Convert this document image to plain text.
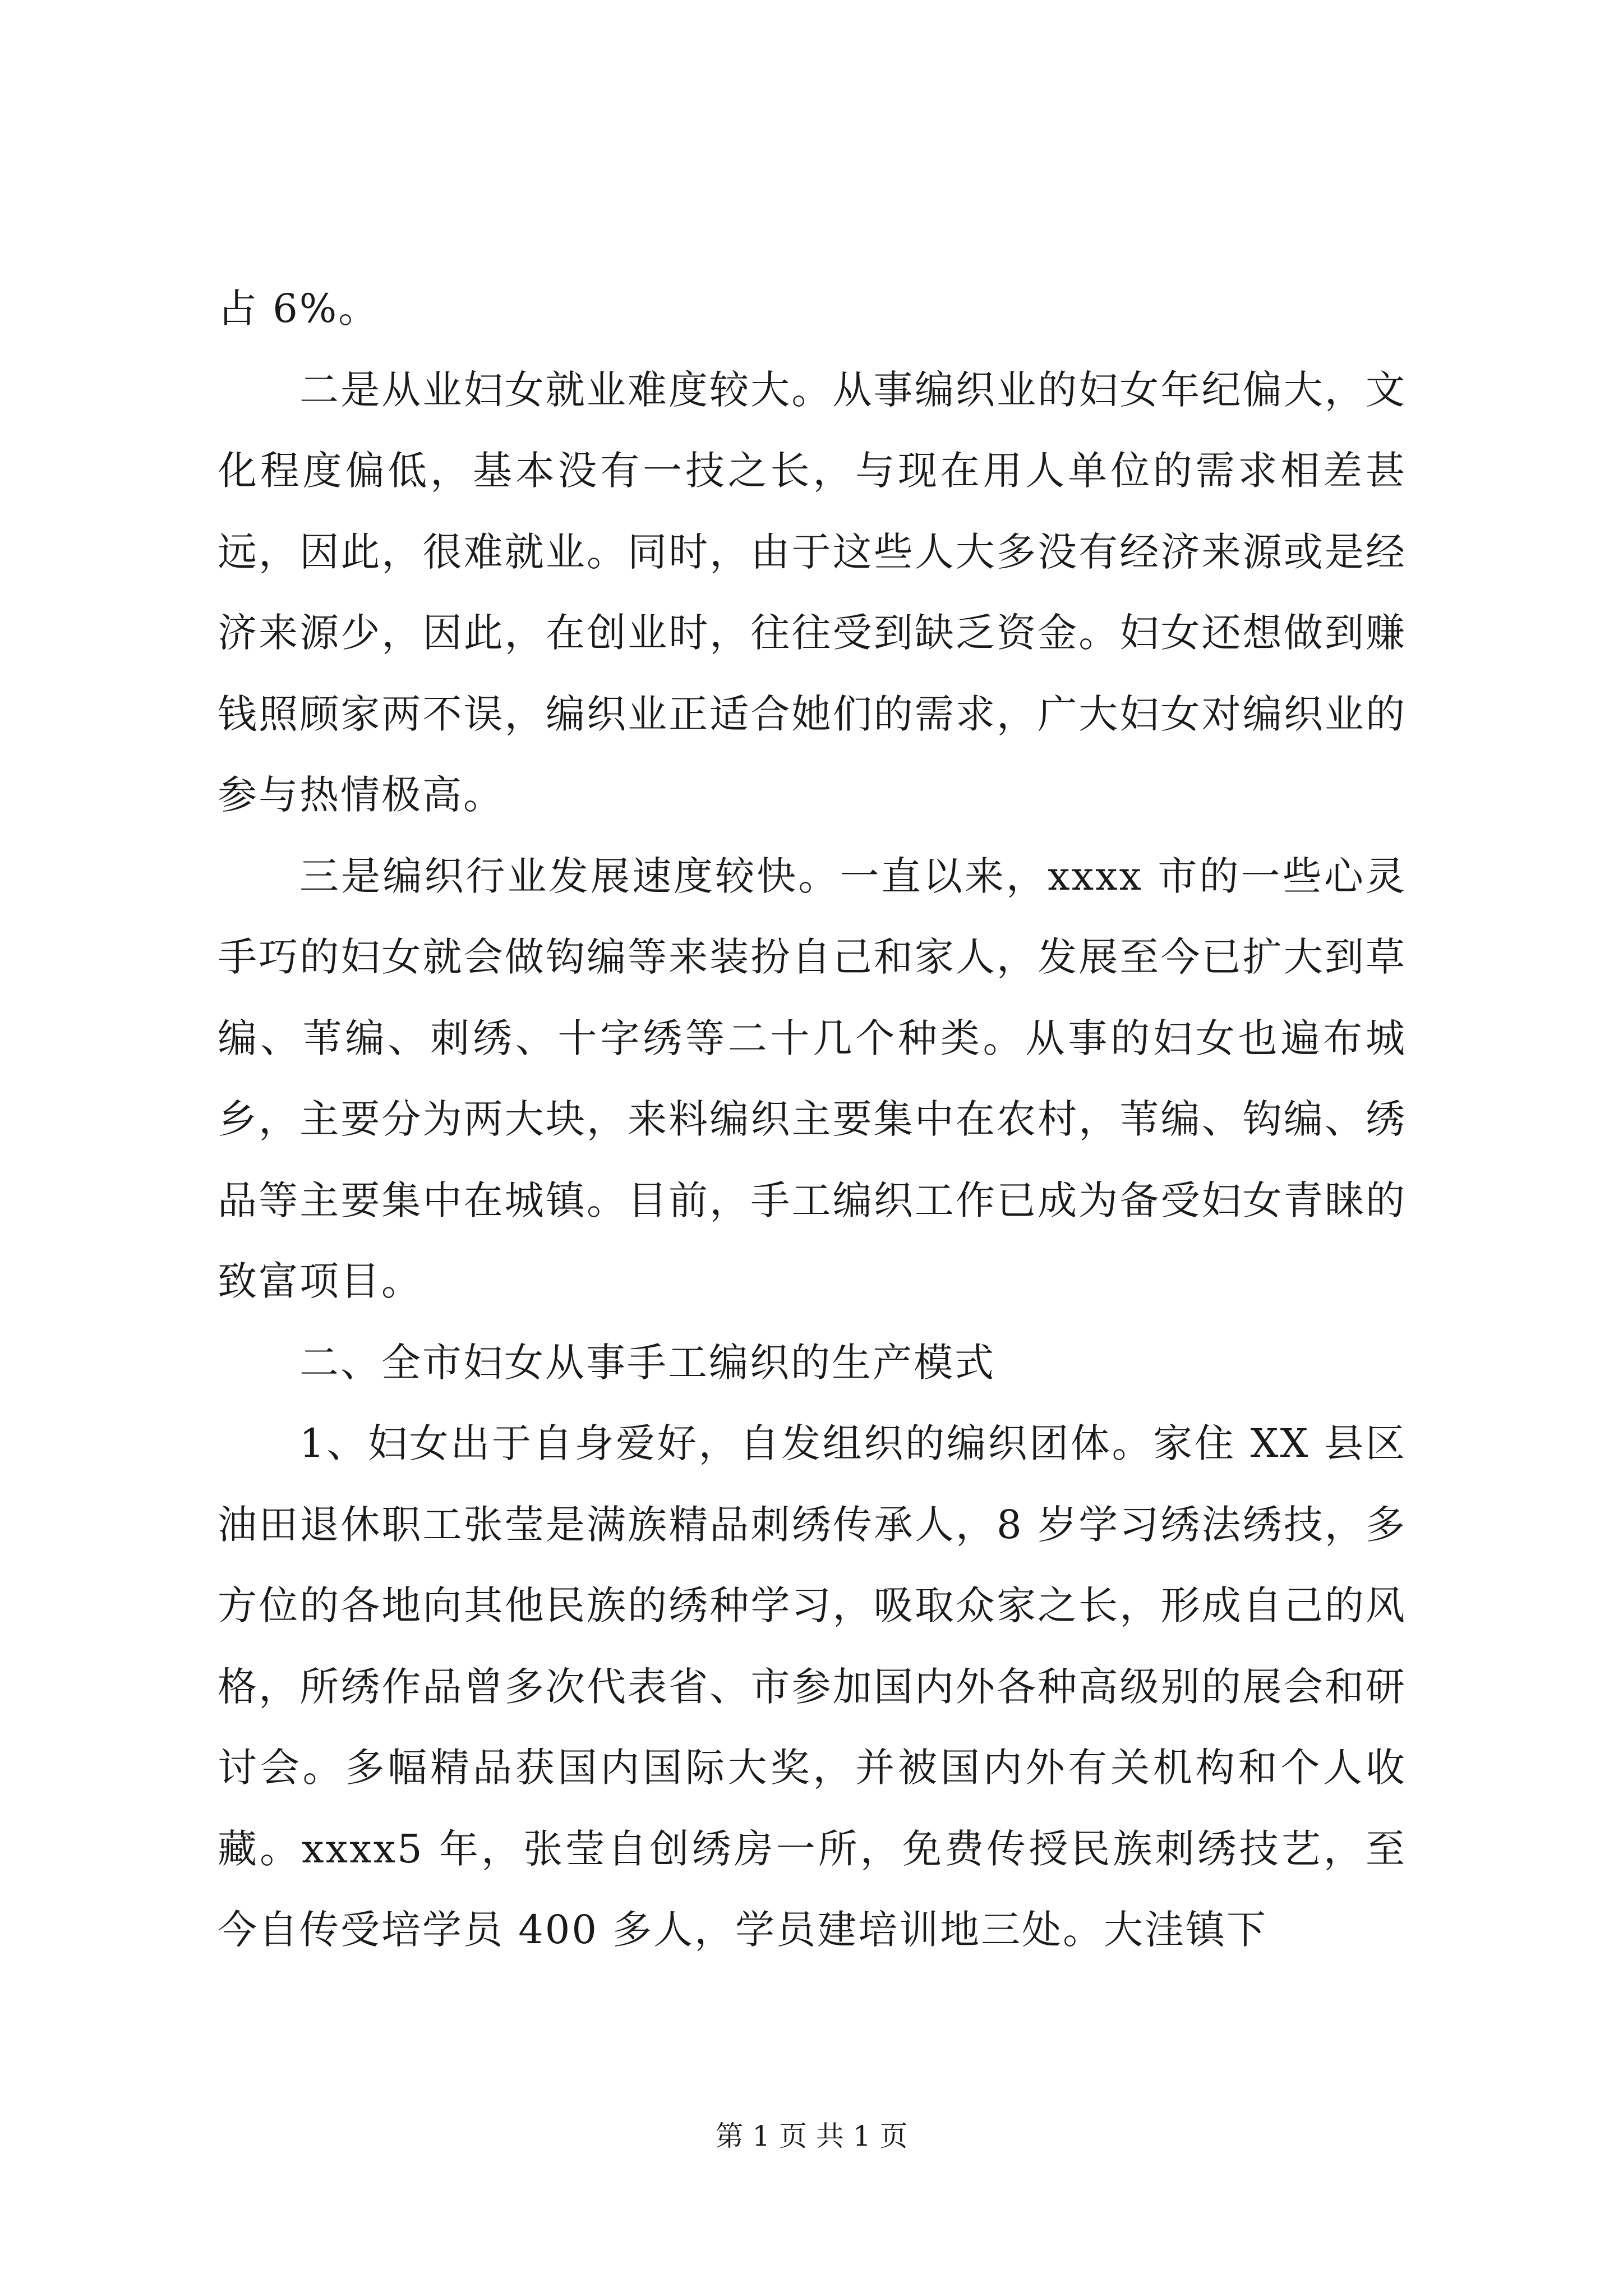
占 6%。

二是从业妇女就业难度较大。从事编织业的妇女年纪偏大，文化程度偏低，基本没有一技之长，与现在用人单位的需求相差甚远，因此，很难就业。同时，由于这些人大多没有经济来源或是经济来源少，因此，在创业时，往往受到缺乏资金。妇女还想做到赚钱照顾家两不误，编织业正适合她们的需求，广大妇女对编织业的参与热情极高。

三是编织行业发展速度较快。一直以来，xxxx 市的一些心灵手巧的妇女就会做钩编等来装扮自己和家人，发展至今已扩大到草编、苇编、刺绣、十字绣等二十几个种类。从事的妇女也遍布城乡，主要分为两大块，来料编织主要集中在农村，苇编、钩编、绣品等主要集中在城镇。目前，手工编织工作已成为备受妇女青睐的致富项目。

二、全市妇女从事手工编织的生产模式

1、妇女出于自身爱好，自发组织的编织团体。家住 XX 县区油田退休职工张莹是满族精品刺绣传承人，8 岁学习绣法绣技，多方位的各地向其他民族的绣种学习，吸取众家之长，形成自己的风格，所绣作品曾多次代表省、市参加国内外各种高级别的展会和研讨会。多幅精品获国内国际大奖，并被国内外有关机构和个人收藏。xxxx5 年，张莹自创绣房一所，免费传授民族刺绣技艺，至今自传受培学员 400 多人，学员建培训地三处。大洼镇下

第 1 页 共 1 页
